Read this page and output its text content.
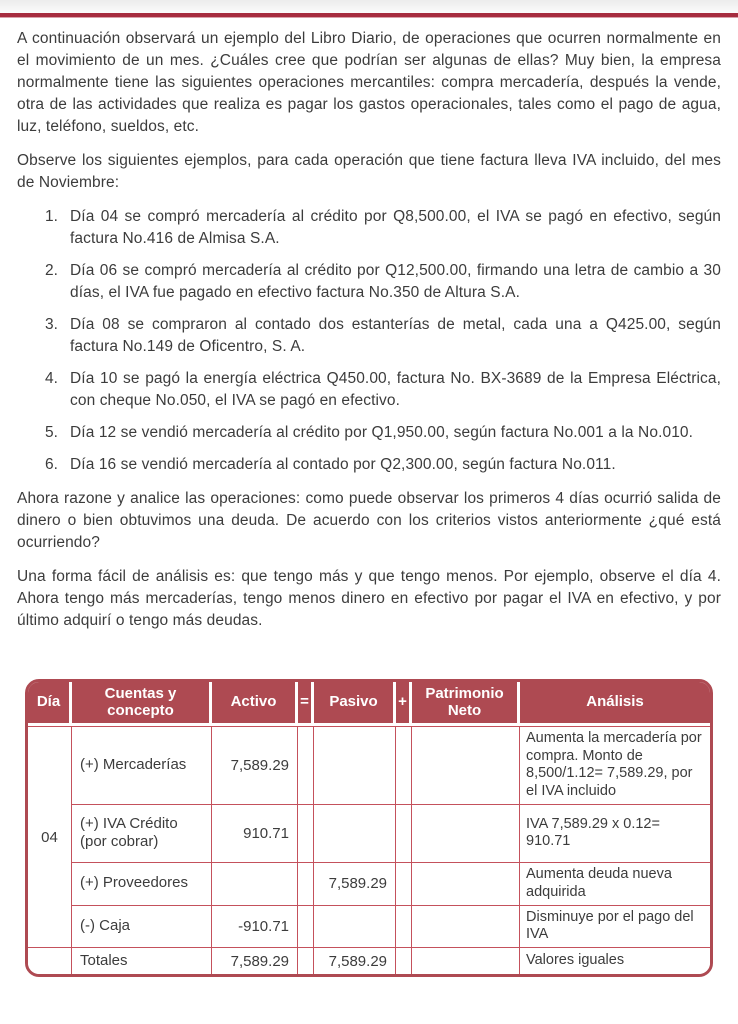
A continuación observará un ejemplo del Libro Diario, de operaciones que ocurren normalmente en el movimiento de un mes. ¿Cuáles cree que podrían ser algunas de ellas? Muy bien, la empresa normalmente tiene las siguientes operaciones mercantiles: compra mercadería, después la vende, otra de las actividades que realiza es pagar los gastos operacionales, tales como el pago de agua, luz, teléfono, sueldos, etc.

Observe los siguientes ejemplos, para cada operación que tiene factura lleva IVA incluido, del mes de Noviembre:

1. Día 04 se compró mercadería al crédito por Q8,500.00, el IVA se pagó en efectivo, según factura No.416 de Almisa S.A.
2. Día 06 se compró mercadería al crédito por Q12,500.00, firmando una letra de cambio a 30 días, el IVA fue pagado en efectivo factura No.350 de Altura S.A.
3. Día 08 se compraron al contado dos estanterías de metal, cada una a Q425.00, según factura No.149 de Oficentro, S. A.
4. Día 10 se pagó la energía eléctrica Q450.00, factura No. BX-3689 de la Empresa Eléctrica, con cheque No.050, el IVA se pagó en efectivo.
5. Día 12 se vendió mercadería al crédito por Q1,950.00, según factura No.001 a la No.010.
6. Día 16 se vendió mercadería al contado por Q2,300.00, según factura No.011.

Ahora razone y analice las operaciones: como puede observar los primeros 4 días ocurrió salida de dinero o bien obtuvimos una deuda. De acuerdo con los criterios vistos anteriormente ¿qué está ocurriendo?

Una forma fácil de análisis es: que tengo más y que tengo menos. Por ejemplo, observe el día 4. Ahora tengo más mercaderías, tengo menos dinero en efectivo por pagar el IVA en efectivo, y por último adquirí o tengo más deudas.

Día	Cuentas y concepto	Activo	=	Pasivo	+	Patrimonio Neto	Análisis
04	(+) Mercaderías	7,589.29					Aumenta la mercadería por compra. Monto de 8,500/1.12= 7,589.29, por el IVA incluido
	(+) IVA Crédito (por cobrar)	910.71					IVA 7,589.29 x 0.12= 910.71
	(+) Proveedores			7,589.29			Aumenta deuda nueva adquirida
	(-) Caja	-910.71					Disminuye por el pago del IVA
	Totales	7,589.29		7,589.29			Valores iguales
